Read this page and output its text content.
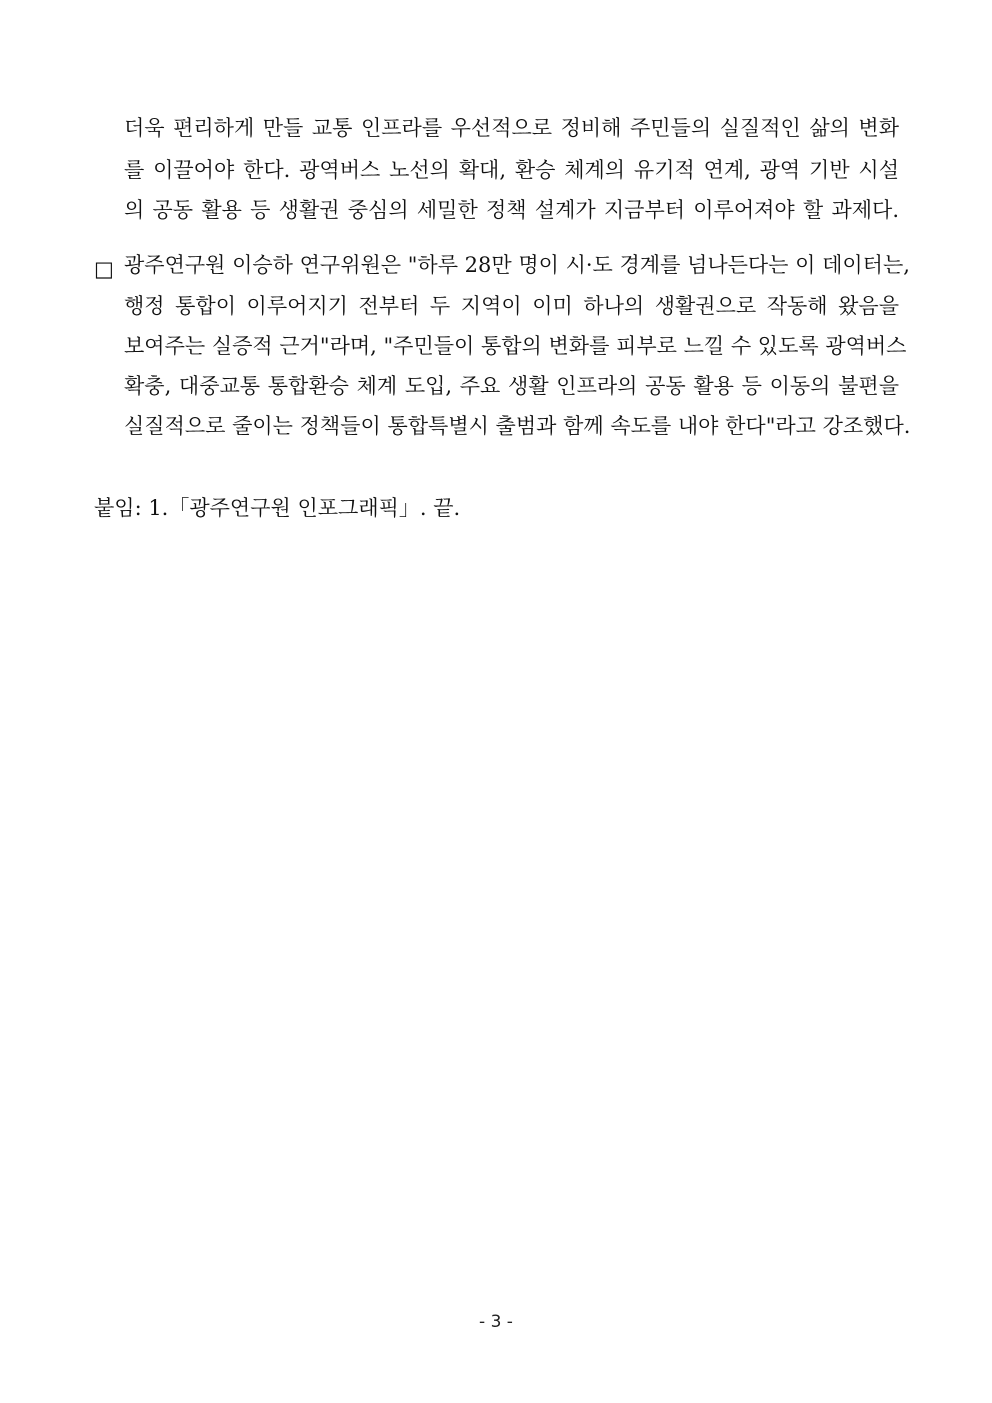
더욱 편리하게 만들 교통 인프라를 우선적으로 정비해 주민들의 실질적인 삶의 변화
를 이끌어야 한다. 광역버스 노선의 확대, 환승 체계의 유기적 연계, 광역 기반 시설
의 공동 활용 등 생활권 중심의 세밀한 정책 설계가 지금부터 이루어져야 할 과제다.
□ 광주연구원 이승하 연구위원은 "하루 28만 명이 시·도 경계를 넘나든다는 이 데이터는,
행정 통합이 이루어지기 전부터 두 지역이 이미 하나의 생활권으로 작동해 왔음을
보여주는 실증적 근거"라며, "주민들이 통합의 변화를 피부로 느낄 수 있도록 광역버스
확충, 대중교통 통합환승 체계 도입, 주요 생활 인프라의 공동 활용 등 이동의 불편을
실질적으로 줄이는 정책들이 통합특별시 출범과 함께 속도를 내야 한다"라고 강조했다.
붙임: 1.「광주연구원 인포그래픽」. 끝.
- 3 -
